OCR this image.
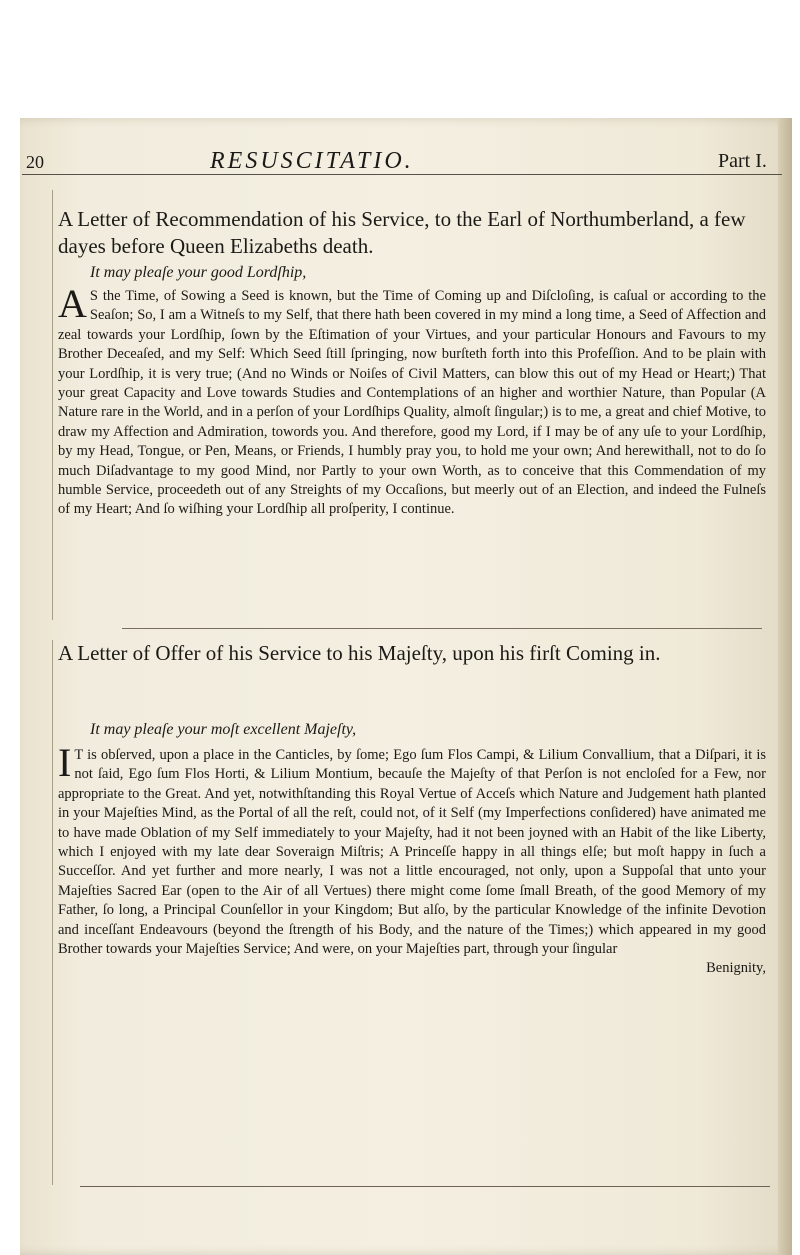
20	RESUSCITATIO.	Part I.
A Letter of Recommendation of his Service, to the Earl of Northumberland, a few dayes before Queen Elizabeths death.
It may pleaſe your good Lordſhip,

A S the Time, of Sowing a Seed is known, but the Time of Coming up and Diſcloſing, is caſual or according to the Seaſon; So, I am a Witneſs to my Self, that there hath been covered in my mind a long time, a Seed of Affection and zeal towards your Lordſhip, ſown by the Eſtimation of your Virtues, and your particular Honours and Favours to my Brother Deceaſed, and my Self: Which Seed ſtill ſpringing, now burſteth forth into this Profeſſion. And to be plain with your Lordſhip, it is very true; (And no Winds or Noiſes of Civil Matters, can blow this out of my Head or Heart;) That your great Capacity and Love towards Studies and Contemplations of an higher and worthier Nature, than Popular (A Nature rare in the World, and in a perſon of your Lordſhips Quality, almoſt ſingular;) is to me, a great and chief Motive, to draw my Affection and Admiration, towords you. And therefore, good my Lord, if I may be of any uſe to your Lordſhip, by my Head, Tongue, or Pen, Means, or Friends, I humbly pray you, to hold me your own; And herewithall, not to do ſo much Diſadvantage to my good Mind, nor Partly to your own Worth, as to conceive that this Commendation of my humble Service, proceedeth out of any Streights of my Occaſions, but meerly out of an Election, and indeed the Fulneſs of my Heart; And ſo wiſhing your Lordſhip all proſperity, I continue.

A Letter of Offer of his Service to his Majeſty, upon his firſt Coming in.
It may pleaſe your moſt excellent Majeſty,

I T is obſerved, upon a place in the Canticles, by ſome; Ego ſum Flos Campi, & Lilium Convallium, that a Diſpari, it is not ſaid, Ego ſum Flos Horti, & Lilium Montium, becauſe the Majeſty of that Perſon is not encloſed for a Few, nor appropriate to the Great. And yet, notwithſtanding this Royal Vertue of Acceſs which Nature and Judgement hath planted in your Majeſties Mind, as the Portal of all the reſt, could not, of it Self (my Imperfections conſidered) have animated me to have made Oblation of my Self immediately to your Majeſty, had it not been joyned with an Habit of the like Liberty, which I enjoyed with my late dear Soveraign Miſtris; A Princeſſe happy in all things elſe; but moſt happy in ſuch a Succeſſor. And yet further and more nearly, I was not a little encouraged, not only, upon a Suppoſal that unto your Majeſties Sacred Ear (open to the Air of all Vertues) there might come ſome ſmall Breath, of the good Memory of my Father, ſo long, a Principal Counſellor in your Kingdom; But alſo, by the particular Knowledge of the infinite Devotion and inceſſant Endeavours (beyond the ſtrength of his Body, and the nature of the Times;) which appeared in my good Brother towards your Majeſties Service; And were, on your Majeſties part, through your ſingular

Benignity,
